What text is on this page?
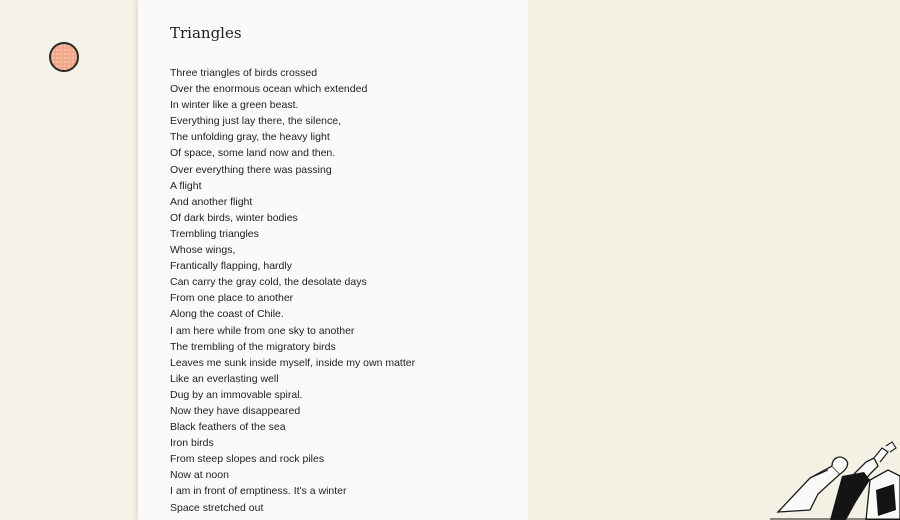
Triangles
Three triangles of birds crossed
Over the enormous ocean which extended
In winter like a green beast.
Everything just lay there, the silence,
The unfolding gray, the heavy light
Of space, some land now and then.
Over everything there was passing
A flight
And another flight
Of dark birds, winter bodies
Trembling triangles
Whose wings,
Frantically flapping, hardly
Can carry the gray cold, the desolate days
From one place to another
Along the coast of Chile.
I am here while from one sky to another
The trembling of the migratory birds
Leaves me sunk inside myself, inside my own matter
Like an everlasting well
Dug by an immovable spiral.
Now they have disappeared
Black feathers of the sea
Iron birds
From steep slopes and rock piles
Now at noon
I am in front of emptiness. It's a winter
Space stretched out
